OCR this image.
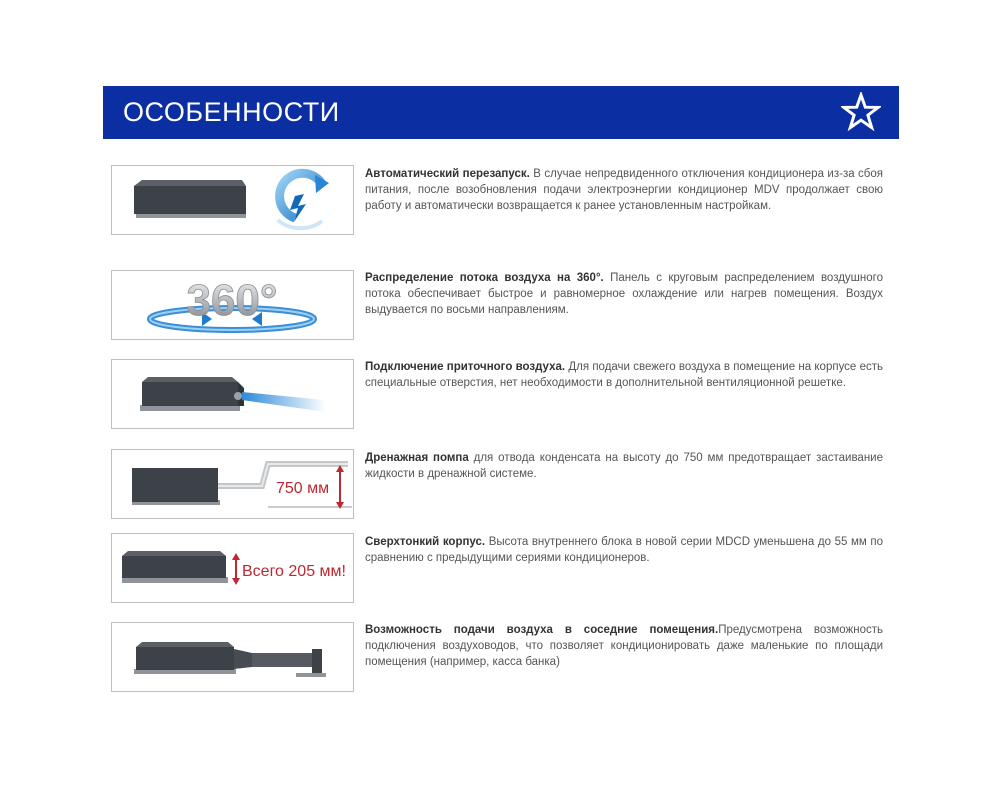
ОСОБЕННОСТИ
Автоматический перезапуск. В случае непредвиденного отключения кондиционера из-за сбоя питания, после возобновления подачи электроэнергии кондиционер MDV продолжает свою работу и автоматически возвращается к ранее установленным настройкам.
360°	Распределение потока воздуха на 360°. Панель с круговым распределением воздушного потока обеспечивает быстрое и равномерное охлаждение или нагрев помещения. Воздух выдувается по восьми направлениям.
Подключение приточного воздуха. Для подачи свежего воздуха в помещение на корпусе есть специальные отверстия, нет необходимости в дополнительной вентиляционной решетке.
750 мм
Дренажная помпа для отвода конденсата на высоту до 750 мм предотвращает застаивание жидкости в дренажной системе.
Всего 205 мм!
Сверхтонкий корпус. Высота внутреннего блока в новой серии MDCD уменьшена до 55 мм по сравнению с предыдущими сериями кондиционеров.
Возможность подачи воздуха в соседние помещения.Предусмотрена возможность подключения воздуховодов, что позволяет кондиционировать даже маленькие по площади помещения (например, касса банка)
